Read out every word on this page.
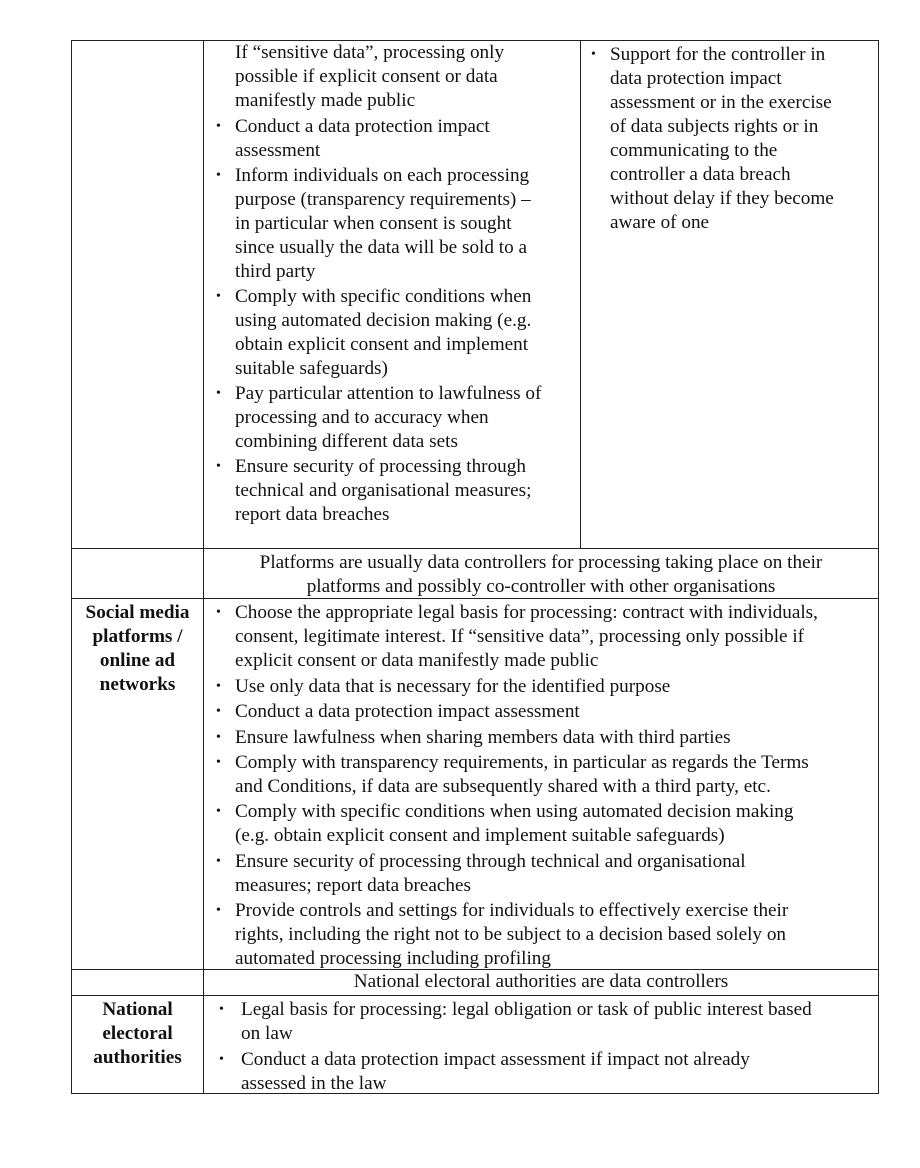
If “sensitive data”, processing only
possible if explicit consent or data
manifestly made public
• Conduct a data protection impact
assessment
• Inform individuals on each processing
purpose (transparency requirements) –
in particular when consent is sought
since usually the data will be sold to a
third party
• Comply with specific conditions when
using automated decision making (e.g.
obtain explicit consent and implement
suitable safeguards)
• Pay particular attention to lawfulness of
processing and to accuracy when
combining different data sets
• Ensure security of processing through
technical and organisational measures;
report data breaches
• Support for the controller in
data protection impact
assessment or in the exercise
of data subjects rights or in
communicating to the
controller a data breach
without delay if they become
aware of one
Platforms are usually data controllers for processing taking place on their
platforms and possibly co-controller with other organisations
Social media
platforms /
online ad
networks
• Choose the appropriate legal basis for processing: contract with individuals,
consent, legitimate interest. If “sensitive data”, processing only possible if
explicit consent or data manifestly made public
• Use only data that is necessary for the identified purpose
• Conduct a data protection impact assessment
• Ensure lawfulness when sharing members data with third parties
• Comply with transparency requirements, in particular as regards the Terms
and Conditions, if data are subsequently shared with a third party, etc.
• Comply with specific conditions when using automated decision making
(e.g. obtain explicit consent and implement suitable safeguards)
• Ensure security of processing through technical and organisational
measures; report data breaches
• Provide controls and settings for individuals to effectively exercise their
rights, including the right not to be subject to a decision based solely on
automated processing including profiling
National electoral authorities are data controllers
National
electoral
authorities
• Legal basis for processing: legal obligation or task of public interest based
on law
• Conduct a data protection impact assessment if impact not already
assessed in the law
